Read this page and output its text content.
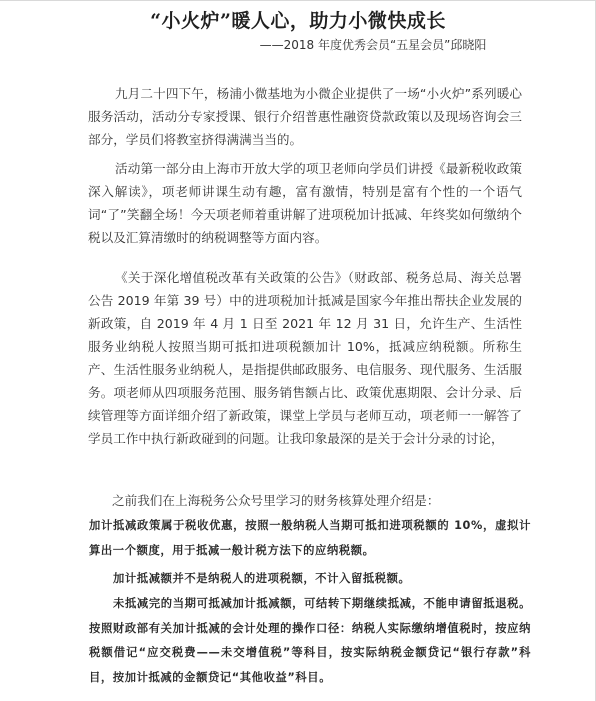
“小火炉”暖人心，助力小微快成长
——2018 年度优秀会员“五星会员”邱晓阳
九月二十四下午，杨浦小微基地为小微企业提供了一场“小火炉”系列暖心服务活动，活动分专家授课、银行介绍普惠性融资贷款政策以及现场咨询会三部分，学员们将教室挤得满满当当的。
活动第一部分由上海市开放大学的项卫老师向学员们讲授《最新税收政策深入解读》，项老师讲课生动有趣，富有激情，特别是富有个性的一个语气词“了”笑翻全场！今天项老师着重讲解了进项税加计抵减、年终奖如何缴纳个税以及汇算清缴时的纳税调整等方面内容。
《关于深化增值税改革有关政策的公告》（财政部、税务总局、海关总署公告 2019 年第 39 号）中的进项税加计抵减是国家今年推出帮扶企业发展的新政策，自 2019 年 4 月 1 日至 2021 年 12 月 31 日，允许生产、生活性服务业纳税人按照当期可抵扣进项税额加计 10%，抵减应纳税额。所称生产、生活性服务业纳税人，是指提供邮政服务、电信服务、现代服务、生活服务。项老师从四项服务范围、服务销售额占比、政策优惠期限、会计分录、后续管理等方面详细介绍了新政策，课堂上学员与老师互动，项老师一一解答了学员工作中执行新政碰到的问题。让我印象最深的是关于会计分录的讨论，
之前我们在上海税务公众号里学习的财务核算处理介绍是：
加计抵减政策属于税收优惠，按照一般纳税人当期可抵扣进项税额的 10%，虚拟计算出一个额度，用于抵减一般计税方法下的应纳税额。
加计抵减额并不是纳税人的进项税额，不计入留抵税额。
未抵减完的当期可抵减加计抵减额，可结转下期继续抵减，不能申请留抵退税。按照财政部有关加计抵减的会计处理的操作口径：纳税人实际缴纳增值税时，按应纳税额借记“应交税费——未交增值税”等科目，按实际纳税金额贷记“银行存款”科目，按加计抵减的金额贷记“其他收益”科目。
